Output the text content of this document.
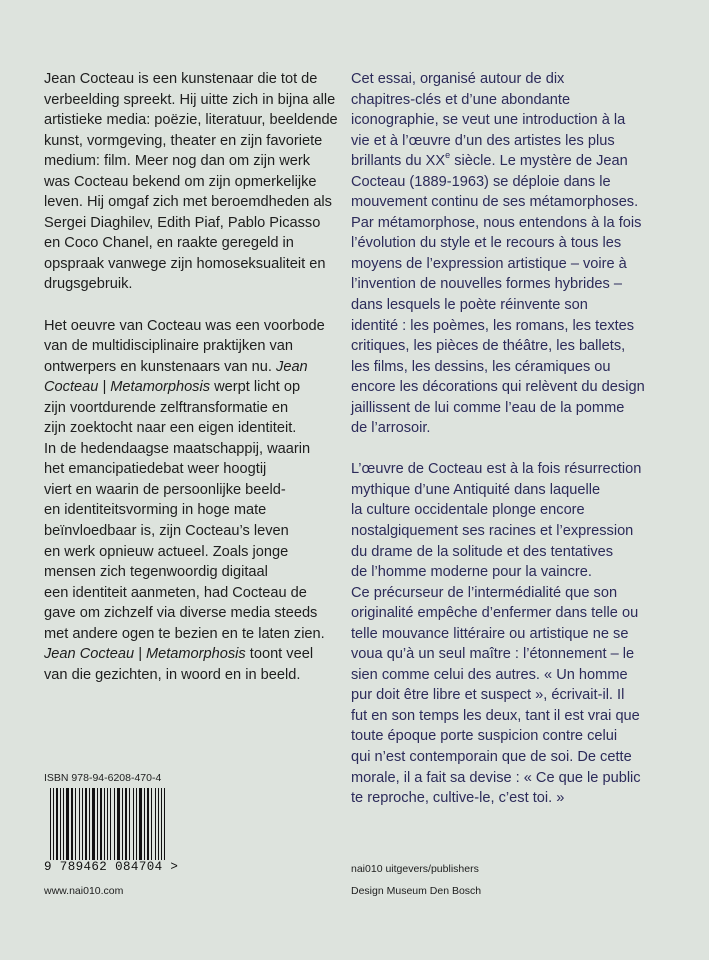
Jean Cocteau is een kunstenaar die tot de

verbeelding spreekt. Hij uitte zich in bijna alle

artistieke media: poëzie, literatuur, beeldende

kunst, vormgeving, theater en zijn favoriete

medium: film. Meer nog dan om zijn werk

was Cocteau bekend om zijn opmerkelijke

leven. Hij omgaf zich met beroemdheden als

Sergei Diaghilev, Edith Piaf, Pablo Picasso

en Coco Chanel, en raakte geregeld in

opspraak vanwege zijn homoseksualiteit en

drugsgebruik.

Het oeuvre van Cocteau was een voorbode

van de multidisciplinaire praktijken van

ontwerpers en kunstenaars van nu. Jean

Cocteau | Metamorphosis werpt licht op

zijn voortdurende zelftransformatie en

zijn zoektocht naar een eigen identiteit.

In de hedendaagse maatschappij, waarin

het emancipatiedebat weer hoogtij

viert en waarin de persoonlijke beeld-

en identiteitsvorming in hoge mate

beïnvloedbaar is, zijn Cocteau’s leven

en werk opnieuw actueel. Zoals jonge

mensen zich tegenwoordig digitaal

een identiteit aanmeten, had Cocteau de

gave om zichzelf via diverse media steeds

met andere ogen te bezien en te laten zien.

Jean Cocteau | Metamorphosis toont veel

van die gezichten, in woord en in beeld.

Cet essai, organisé autour de dix

chapitres-clés et d’une abondante

iconographie, se veut une introduction à la

vie et à l’œuvre d’un des artistes les plus

brillants du XXe siècle. Le mystère de Jean

Cocteau (1889-1963) se déploie dans le

mouvement continu de ses métamorphoses.

Par métamorphose, nous entendons à la fois

l’évolution du style et le recours à tous les

moyens de l’expression artistique – voire à

l’invention de nouvelles formes hybrides –

dans lesquels le poète réinvente son

identité : les poèmes, les romans, les textes

critiques, les pièces de théâtre, les ballets,

les films, les dessins, les céramiques ou

encore les décorations qui relèvent du design

jaillissent de lui comme l’eau de la pomme

de l’arrosoir.

L’œuvre de Cocteau est à la fois résurrection

mythique d’une Antiquité dans laquelle

la culture occidentale plonge encore

nostalgiquement ses racines et l’expression

du drame de la solitude et des tentatives

de l’homme moderne pour la vaincre.

Ce précurseur de l’intermédialité que son

originalité empêche d’enfermer dans telle ou

telle mouvance littéraire ou artistique ne se

voua qu’à un seul maître : l’étonnement – le

sien comme celui des autres. « Un homme

pur doit être libre et suspect », écrivait-il. Il

fut en son temps les deux, tant il est vrai que

toute époque porte suspicion contre celui

qui n’est contemporain que de soi. De cette

morale, il a fait sa devise : « Ce que le public

te reproche, cultive-le, c’est toi. »

ISBN 978-94-6208-470-4
9 789462 084704 >
www.nai010.com
nai010 uitgevers/publishers
Design Museum Den Bosch
